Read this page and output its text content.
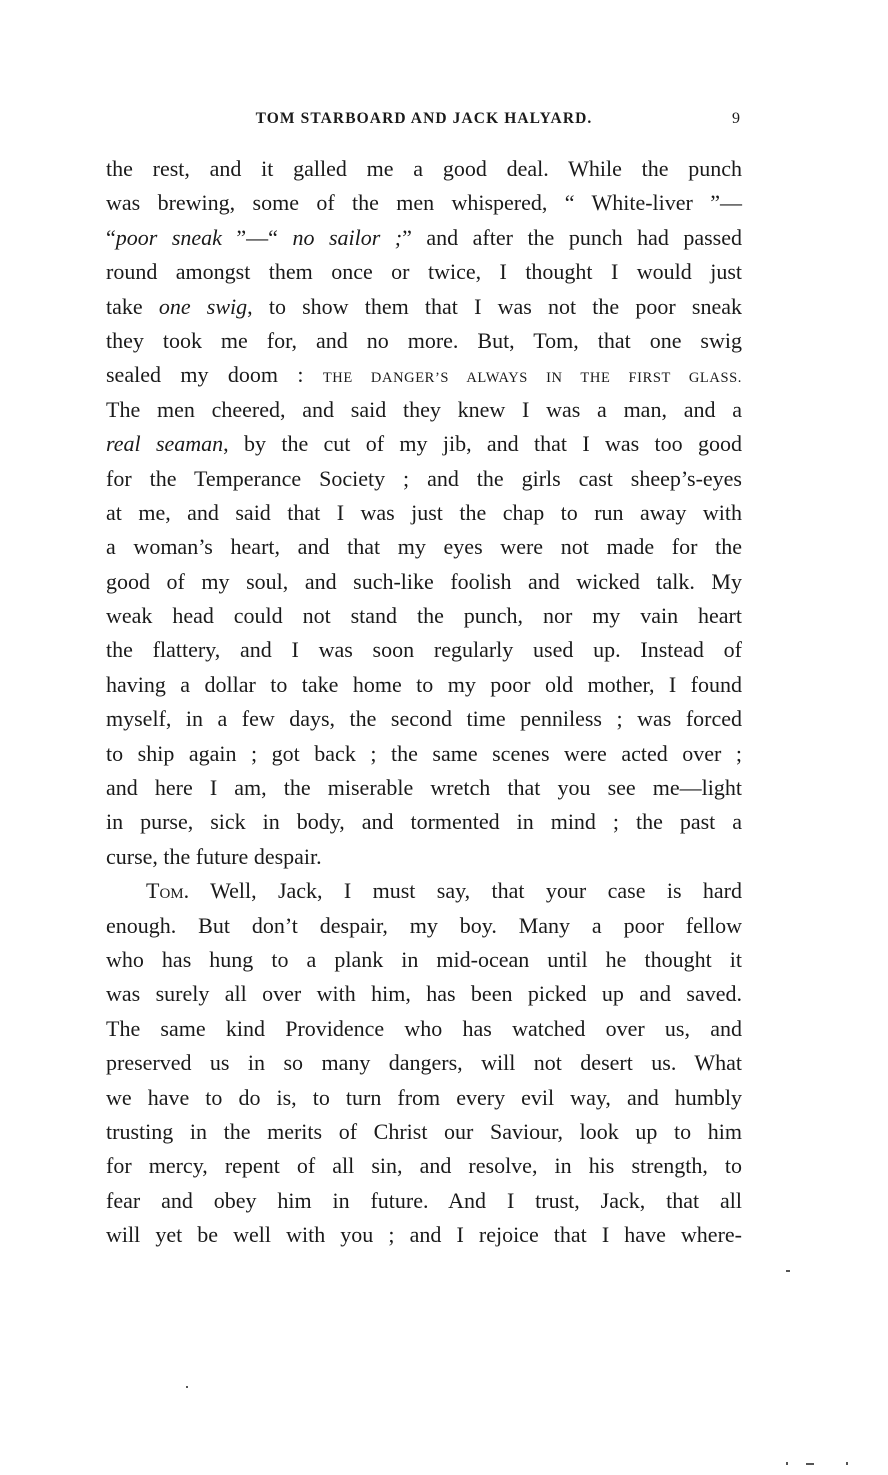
TOM STARBOARD AND JACK HALYARD.	9
the rest, and it galled me a good deal. While the punch
was brewing, some of the men whispered, “ White-liver ”—
“poor sneak ”—“ no sailor ;” and after the punch had passed
round amongst them once or twice, I thought I would just
take one swig, to show them that I was not the poor sneak
they took me for, and no more. But, Tom, that one swig
sealed my doom : THE DANGER’S ALWAYS IN THE FIRST GLASS.
The men cheered, and said they knew I was a man, and a
real seaman, by the cut of my jib, and that I was too good
for the Temperance Society ; and the girls cast sheep’s-eyes
at me, and said that I was just the chap to run away with
a woman’s heart, and that my eyes were not made for the
good of my soul, and such-like foolish and wicked talk. My
weak head could not stand the punch, nor my vain heart
the flattery, and I was soon regularly used up. Instead of
having a dollar to take home to my poor old mother, I found
myself, in a few days, the second time penniless ; was forced
to ship again ; got back ; the same scenes were acted over ;
and here I am, the miserable wretch that you see me—light
in purse, sick in body, and tormented in mind ; the past a
curse, the future despair.
Tom. Well, Jack, I must say, that your case is hard
enough. But don’t despair, my boy. Many a poor fellow
who has hung to a plank in mid-ocean until he thought it
was surely all over with him, has been picked up and saved.
The same kind Providence who has watched over us, and
preserved us in so many dangers, will not desert us. What
we have to do is, to turn from every evil way, and humbly
trusting in the merits of Christ our Saviour, look up to him
for mercy, repent of all sin, and resolve, in his strength, to
fear and obey him in future. And I trust, Jack, that all
will yet be well with you ; and I rejoice that I have where-
